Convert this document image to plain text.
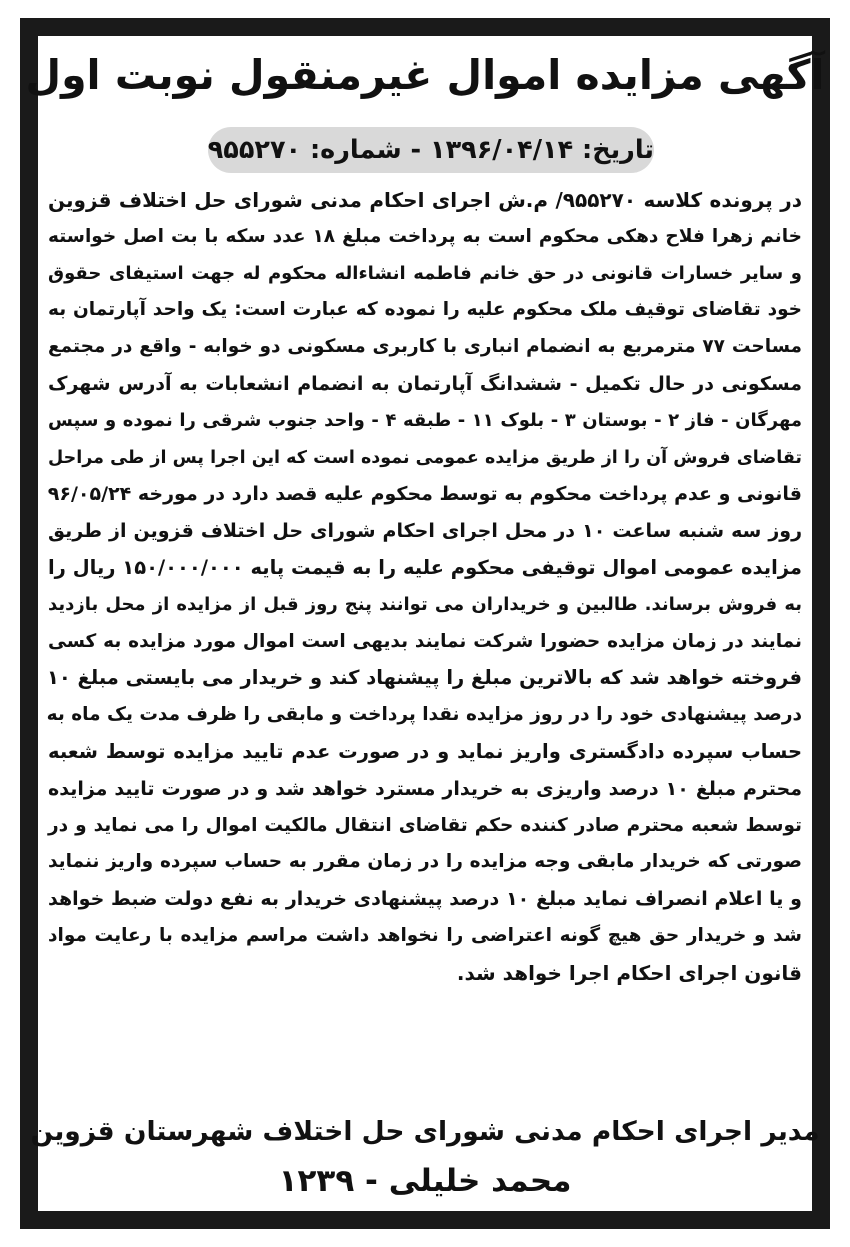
آگهی مزایده اموال غیرمنقول نوبت اول
تاریخ: ۱۳۹۶/۰۴/۱۴ - شماره: ۹۵۵۲۷۰
در پرونده کلاسه ۹۵۵۲۷۰/ م.ش اجرای احکام مدنی شورای حل اختلاف قزوین
خانم زهرا فلاح دهکی محکوم است به پرداخت مبلغ ۱۸ عدد سکه با بت اصل خواسته
و سایر خسارات قانونی در حق خانم فاطمه انشاءاله محکوم له جهت استیفای حقوق
خود تقاضای توقیف ملک محکوم علیه را نموده که عبارت است: یک واحد آپارتمان به
مساحت ۷۷ مترمربع به انضمام انباری با کاربری مسکونی دو خوابه - واقع در مجتمع
مسکونی در حال تکمیل - ششدانگ آپارتمان به انضمام انشعابات به آدرس شهرک
مهرگان - فاز ۲ - بوستان ۳ - بلوک ۱۱ - طبقه ۴ - واحد جنوب شرقی را نموده و سپس
تقاضای فروش آن را از طریق مزایده عمومی نموده است که این اجرا پس از طی مراحل
قانونی و عدم پرداخت محکوم به توسط محکوم علیه قصد دارد در مورخه ۹۶/۰۵/۲۴
روز سه شنبه ساعت ۱۰ در محل اجرای احکام شورای حل اختلاف قزوین از طریق
مزایده عمومی اموال توقیفی محکوم علیه را به قیمت پایه ۱۵۰/۰۰۰/۰۰۰ ریال را
به فروش برساند. طالبین و خریداران می توانند پنج روز قبل از مزایده از محل بازدید
نمایند در زمان مزایده حضورا شرکت نمایند بدیهی است اموال مورد مزایده به کسی
فروخته خواهد شد که بالاترین مبلغ را پیشنهاد کند و خریدار می بایستی مبلغ ۱۰
درصد پیشنهادی خود را در روز مزایده نقدا پرداخت و مابقی را ظرف مدت یک ماه به
حساب سپرده دادگستری واریز نماید و در صورت عدم تایید مزایده توسط شعبه
محترم مبلغ ۱۰ درصد واریزی به خریدار مسترد خواهد شد و در صورت تایید مزایده
توسط شعبه محترم صادر کننده حکم تقاضای انتقال مالکیت اموال را می نماید و در
صورتی که خریدار مابقی وجه مزایده را در زمان مقرر به حساب سپرده واریز ننماید
و یا اعلام انصراف نماید مبلغ ۱۰ درصد پیشنهادی خریدار به نفع دولت ضبط خواهد
شد و خریدار حق هیچ گونه اعتراضی را نخواهد داشت مراسم مزایده با رعایت مواد
قانون اجرای احکام اجرا خواهد شد.
مدیر اجرای احکام مدنی شورای حل اختلاف شهرستان قزوین
محمد خلیلی - ۱۲۳۹
